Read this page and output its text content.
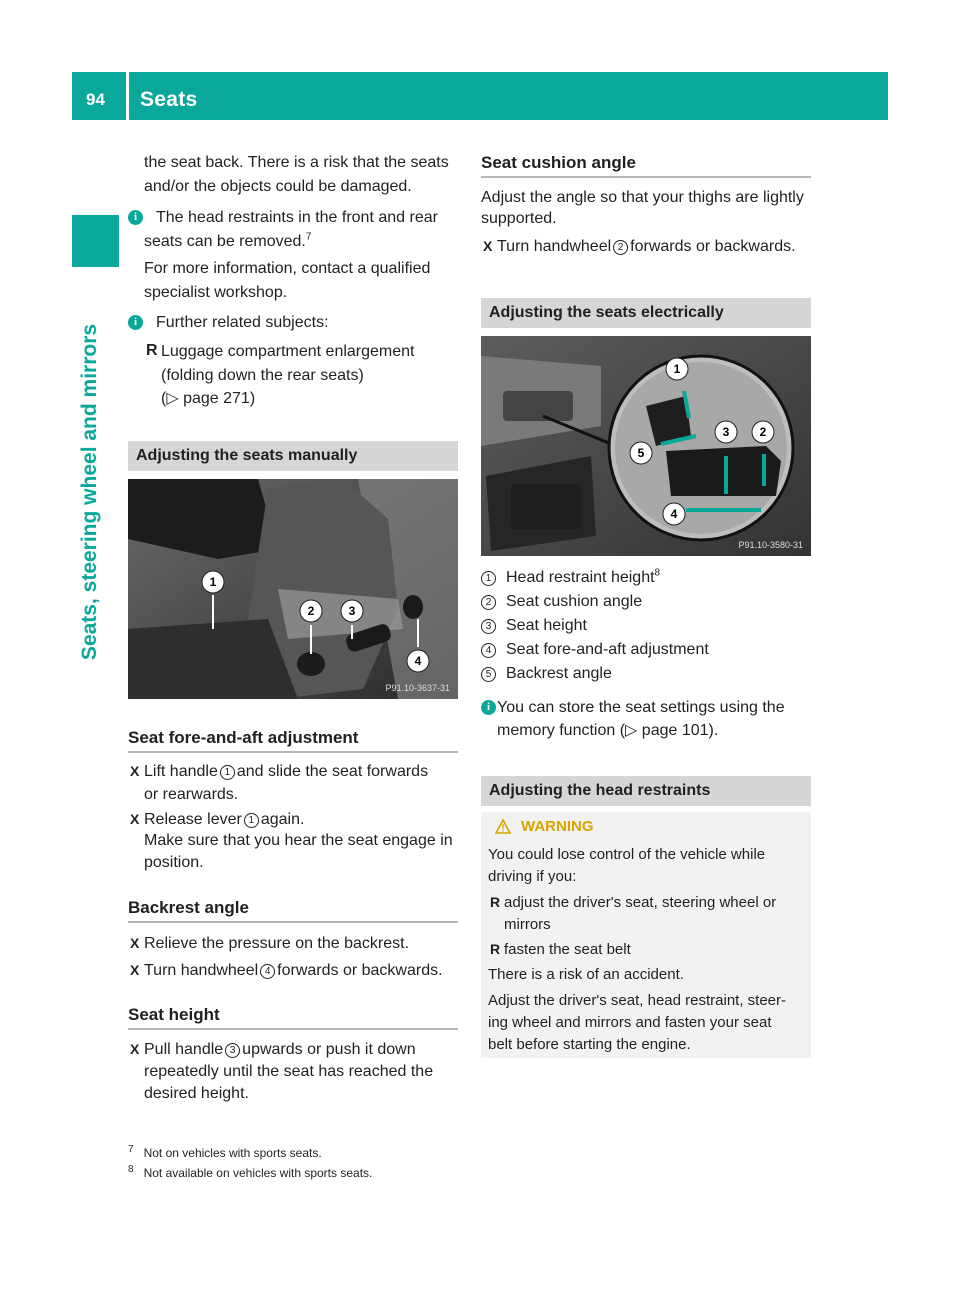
94 Seats
Seats, steering wheel and mirrors
the seat back. There is a risk that the seats
and/or the objects could be damaged.
i	The head restraints in the front and rear
seats can be removed.$^7$
For more information, contact a qualified
specialist workshop.
i	Further related subjects:
R Luggage compartment enlargement
(folding down the rear seats)
(▷ page 271)
Adjusting the seats manually
1
2	3
4
P91.10-3637-31
Seat fore-and-aft adjustment
X Lift handle 1 and slide the seat forwards
or rearwards.
X Release lever 1 again.
Make sure that you hear the seat engage in
position.
Backrest angle
X Relieve the pressure on the backrest.
X Turn handwheel 4 forwards or backwards.
Seat height
X Pull handle 3 upwards or push it down
repeatedly until the seat has reached the
desired height.
Seat cushion angle
Adjust the angle so that your thighs are lightly
supported.
X Turn handwheel 2 forwards or backwards.
Adjusting the seats electrically
1
2
3
4
5
P91.10-3580-31
1 Head restraint height$^8$
2 Seat cushion angle
3 Seat height
4 Seat fore-and-aft adjustment
5 Backrest angle
i You can store the seat settings using the
memory function (▷ page 101).
Adjusting the head restraints
WARNING
You could lose control of the vehicle while
driving if you:
R adjust the driver's seat, steering wheel or
mirrors
R fasten the seat belt
There is a risk of an accident.
Adjust the driver's seat, head restraint, steer-
ing wheel and mirrors and fasten your seat
belt before starting the engine.
$^7$ Not on vehicles with sports seats.
$^8$ Not available on vehicles with sports seats.
